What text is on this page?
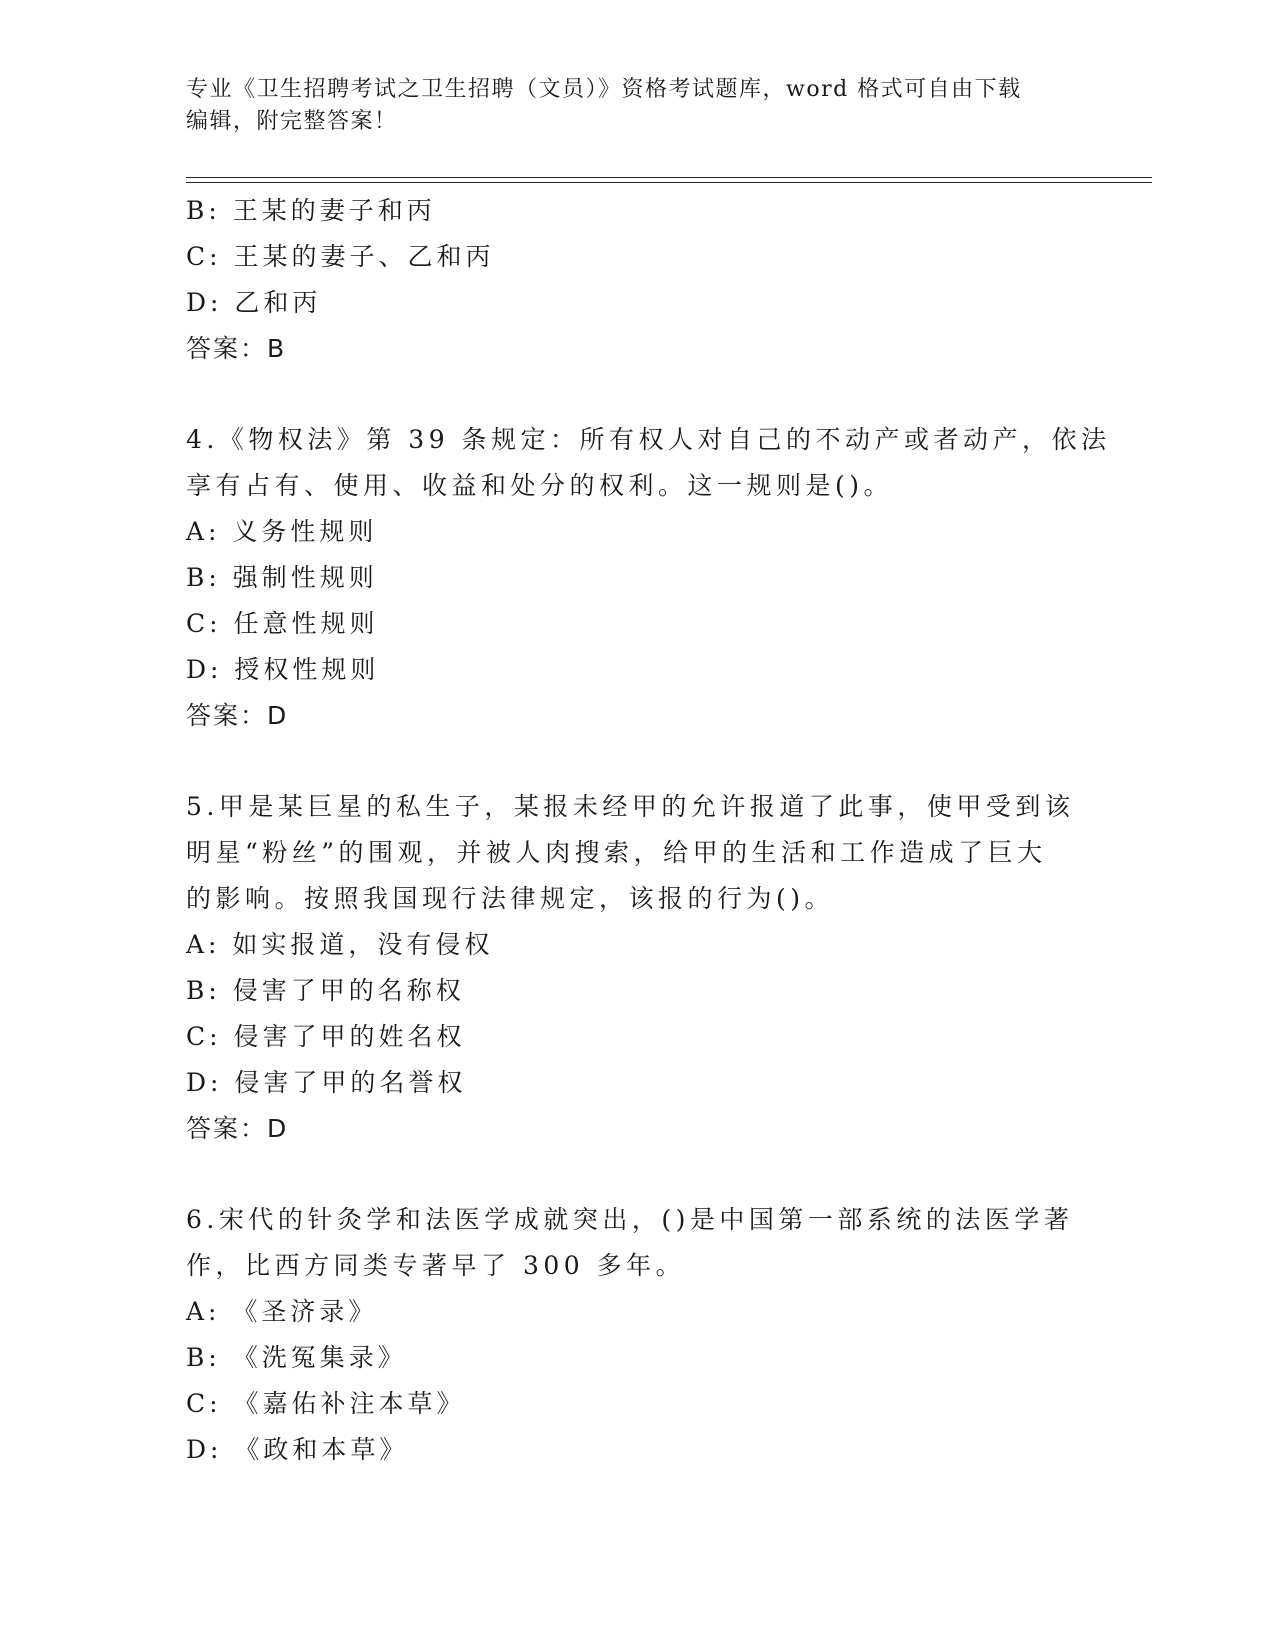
专业《卫生招聘考试之卫生招聘（文员）》资格考试题库，word 格式可自由下载
编辑，附完整答案！
B: 王某的妻子和丙
C: 王某的妻子、乙和丙
D: 乙和丙
答案：B
4.《物权法》第 39 条规定：所有权人对自己的不动产或者动产，依法
享有占有、使用、收益和处分的权利。这一规则是()。
A: 义务性规则
B: 强制性规则
C: 任意性规则
D: 授权性规则
答案：D
5.甲是某巨星的私生子，某报未经甲的允许报道了此事，使甲受到该
明星“粉丝”的围观，并被人肉搜索，给甲的生活和工作造成了巨大
的影响。按照我国现行法律规定，该报的行为()。
A: 如实报道，没有侵权
B: 侵害了甲的名称权
C: 侵害了甲的姓名权
D: 侵害了甲的名誉权
答案：D
6.宋代的针灸学和法医学成就突出，()是中国第一部系统的法医学著
作，比西方同类专著早了 300 多年。
A: 《圣济录》
B: 《洗冤集录》
C: 《嘉佑补注本草》
D: 《政和本草》
